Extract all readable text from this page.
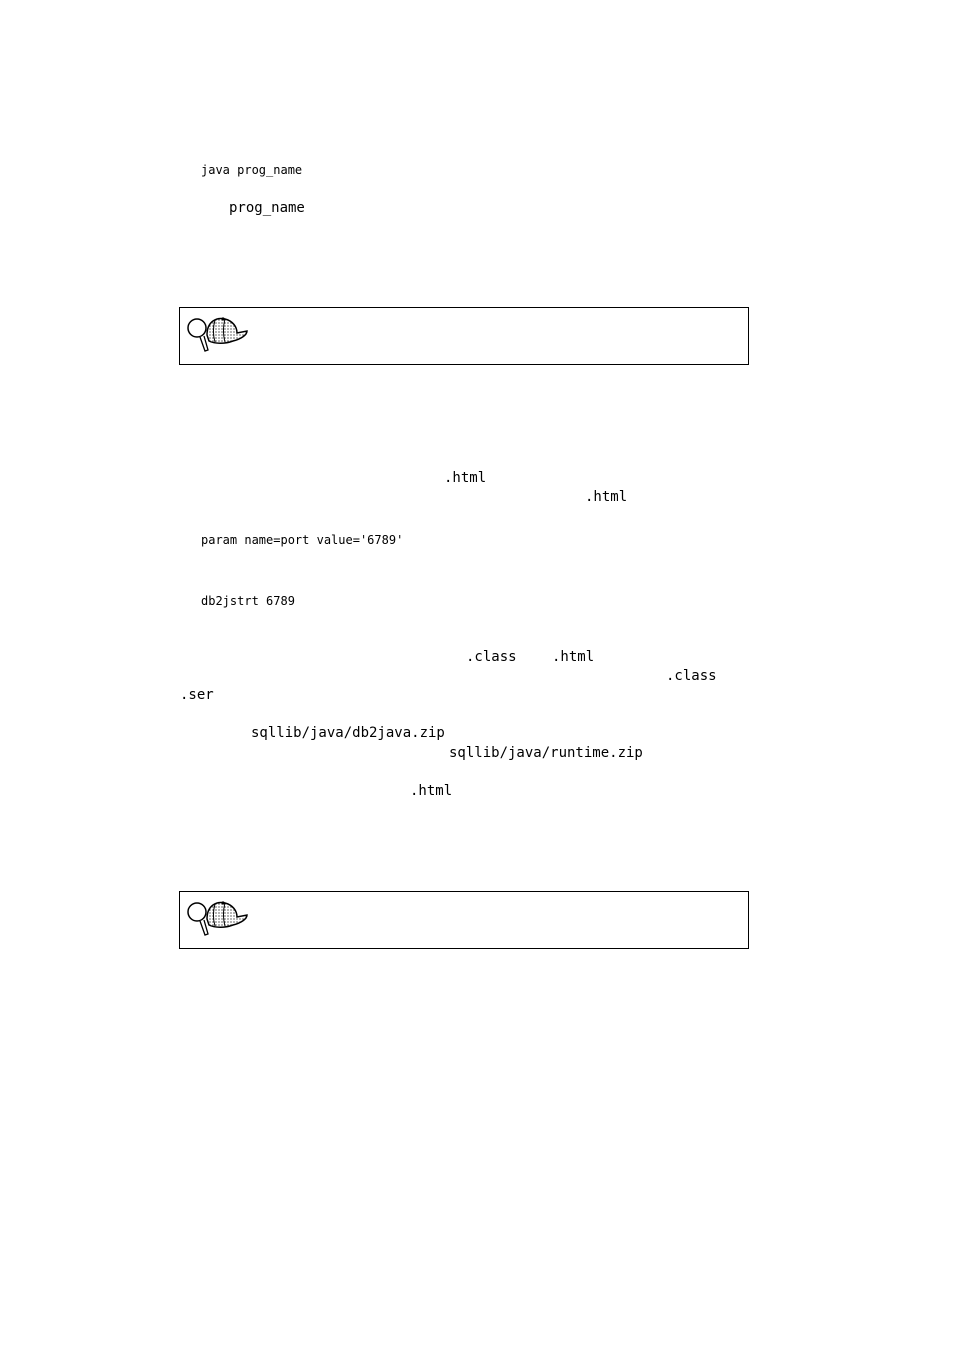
java prog_name
prog_name
.html
.html
param name=port value='6789'
db2jstrt 6789
.class	.html
.class
.ser
sqllib/java/db2java.zip
sqllib/java/runtime.zip
.html
